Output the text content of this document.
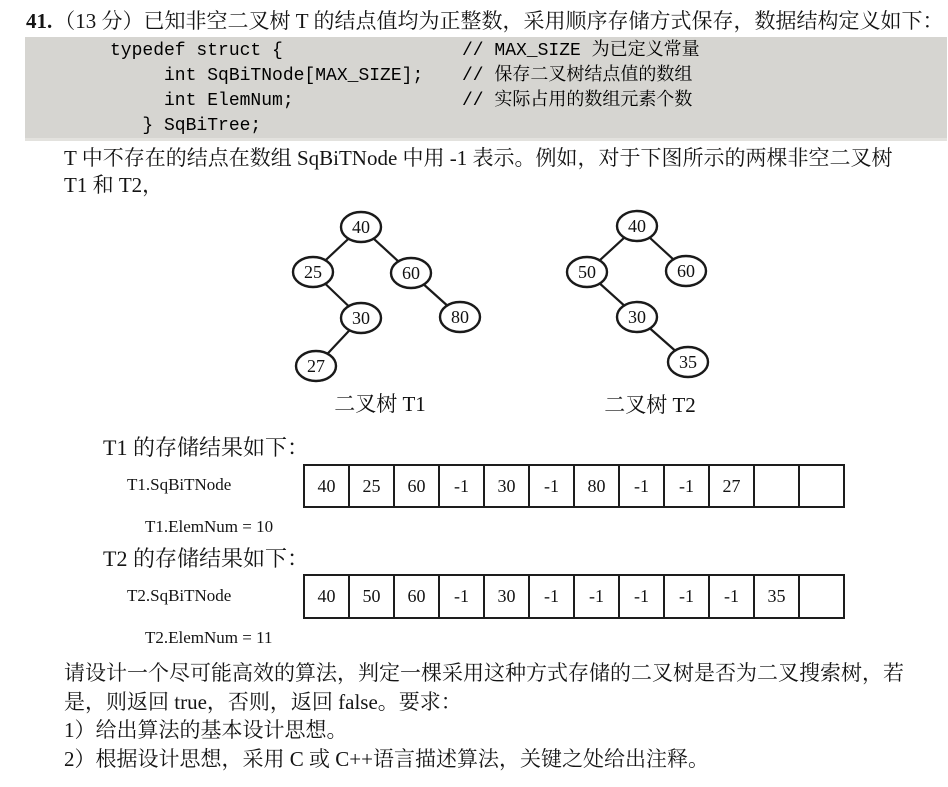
41.（13 分）已知非空二叉树 T 的结点值均为正整数，采用顺序存储方式保存，数据结构定义如下：
typedef struct {	// MAX_SIZE 为已定义常量
int SqBiTNode[MAX_SIZE]; // 保存二叉树结点值的数组
int ElemNum;	// 实际占用的数组元素个数
} SqBiTree;
T 中不存在的结点在数组 SqBiTNode 中用 -1 表示。例如，对于下图所示的两棵非空二叉树
T1 和 T2，
40
25	60
30	80
27
二叉树 T1
40
50	60
30
35
二叉树 T2
T1 的存储结果如下：
T1.SqBiTNode	40	25	60	-1	30	-1	80	-1	-1	27
T1.ElemNum = 10
T2 的存储结果如下：
T2.SqBiTNode	40	50	60	-1	30	-1	-1	-1	-1	-1	35
T2.ElemNum = 11
请设计一个尽可能高效的算法，判定一棵采用这种方式存储的二叉树是否为二叉搜索树，若
是，则返回 true，否则，返回 false。要求：
1）给出算法的基本设计思想。
2）根据设计思想，采用 C 或 C++语言描述算法，关键之处给出注释。
